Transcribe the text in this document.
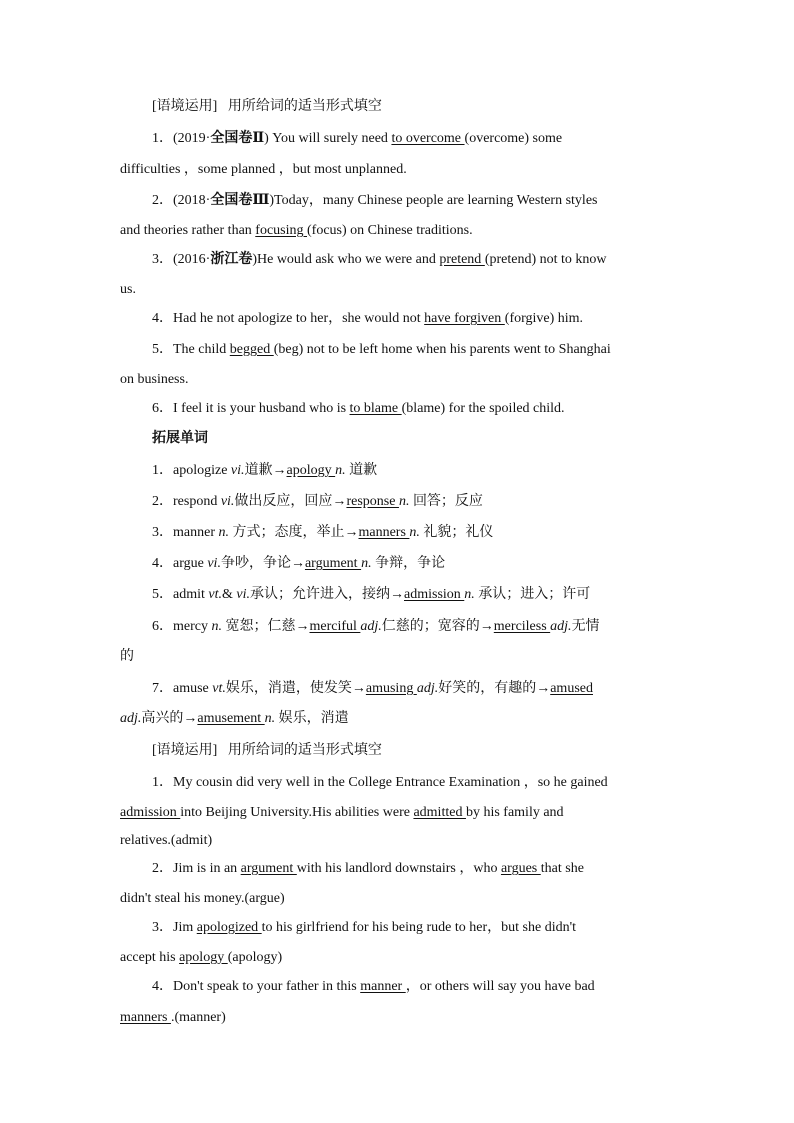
[语境运用] 用所给词的适当形式填空
1．(2019·全国卷Ⅱ) You will surely need to overcome (overcome) some
difficulties ，some planned ，but most unplanned.
2．(2018·全国卷Ⅲ)Today，many Chinese people are learning Western styles
and theories rather than focusing (focus) on Chinese traditions.
3．(2016·浙江卷)He would ask who we were and pretend (pretend) not to know
us.
4．Had he not apologize to her，she would not have forgiven (forgive) him.
5．The child begged (beg) not to be left home when his parents went to Shanghai
on business.
6．I feel it is your husband who is to blame (blame) for the spoiled child.
拓展单词
1．apologize vi.道歉→apology n. 道歉
2．respond vi.做出反应，回应→response n. 回答；反应
3．manner n. 方式；态度，举止→manners n. 礼貌；礼仪
4．argue vi.争吵，争论→argument n. 争辩，争论
5．admit vt.& vi.承认；允许进入，接纳→admission n. 承认；进入；许可
6．mercy n. 宽恕；仁慈→merciful adj.仁慈的；宽容的→merciless adj.无情
的
7．amuse vt.娱乐，消遣，使发笑→amusing adj.好笑的，有趣的→amused
adj.高兴的→amusement n. 娱乐，消遣
[语境运用] 用所给词的适当形式填空
1．My cousin did very well in the College Entrance Examination ，so he gained
admission into Beijing University.His abilities were admitted by his family and
relatives.(admit)
2．Jim is in an argument with his landlord downstairs ，who argues that she
didn't steal his money.(argue)
3．Jim apologized to his girlfriend for his being rude to her，but she didn't
accept his apology (apology)
4．Don't speak to your father in this manner ，or others will say you have bad
manners .(manner)
